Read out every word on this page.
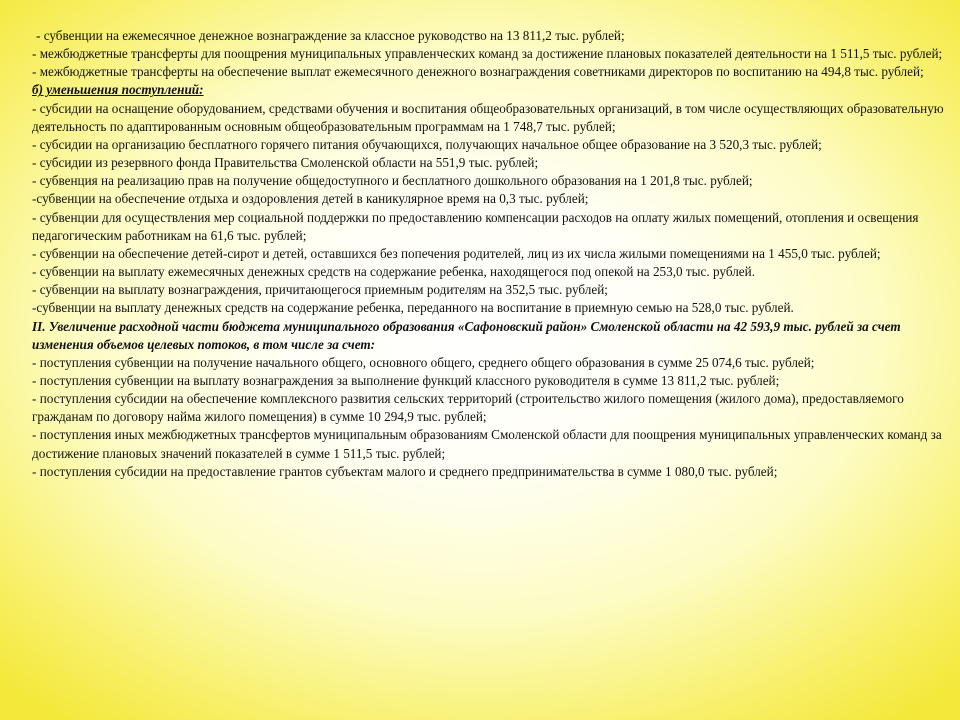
- субвенции на ежемесячное денежное вознаграждение за классное руководство на 13 811,2 тыс. рублей;

- межбюджетные трансферты для поощрения муниципальных управленческих команд за достижение плановых показателей деятельности на 1 511,5 тыс. рублей;

- межбюджетные трансферты на обеспечение выплат ежемесячного денежного вознаграждения советниками директоров по воспитанию на 494,8 тыс. рублей;

б) уменьшения поступлений:

- субсидии на оснащение оборудованием, средствами обучения и воспитания общеобразовательных организаций, в том числе осуществляющих образовательную деятельность по адаптированным основным общеобразовательным программам на 1 748,7 тыс. рублей;

- субсидии на организацию бесплатного горячего питания обучающихся, получающих начальное общее образование на 3 520,3 тыс. рублей;

- субсидии из резервного фонда Правительства Смоленской области на 551,9 тыс. рублей;

- субвенция на реализацию прав на получение общедоступного и бесплатного дошкольного образования на 1 201,8 тыс. рублей;

-субвенции на обеспечение отдыха и оздоровления детей в каникулярное время на 0,3 тыс. рублей;

- субвенции для осуществления мер социальной поддержки по предоставлению компенсации расходов на оплату жилых помещений, отопления и освещения педагогическим работникам на 61,6 тыс. рублей;

- субвенции на обеспечение детей-сирот и детей, оставшихся без попечения родителей, лиц из их числа жилыми помещениями на 1 455,0 тыс. рублей;

- субвенции на выплату ежемесячных денежных средств на содержание ребенка, находящегося под опекой на 253,0 тыс. рублей.

- субвенции на выплату вознаграждения, причитающегося приемным родителям на 352,5 тыс. рублей;

-субвенции на выплату денежных средств на содержание ребенка, переданного на воспитание в приемную семью на 528,0 тыс. рублей.

II. Увеличение расходной части бюджета муниципального образования «Сафоновский район» Смоленской области на 42 593,9 тыс. рублей за счет изменения объемов целевых потоков, в том числе за счет:

- поступления субвенции на получение начального общего, основного общего, среднего общего образования в сумме 25 074,6 тыс. рублей;

- поступления субвенции на выплату вознаграждения за выполнение функций классного руководителя в сумме 13 811,2 тыс. рублей;

- поступления субсидии на обеспечение комплексного развития сельских территорий (строительство жилого помещения (жилого дома), предоставляемого гражданам по договору найма жилого помещения) в сумме 10 294,9 тыс. рублей;

- поступления иных межбюджетных трансфертов муниципальным образованиям Смоленской области для поощрения муниципальных управленческих команд за достижение плановых значений показателей в сумме 1 511,5 тыс. рублей;

- поступления субсидии на предоставление грантов субъектам малого и среднего предпринимательства в сумме 1 080,0 тыс. рублей;
